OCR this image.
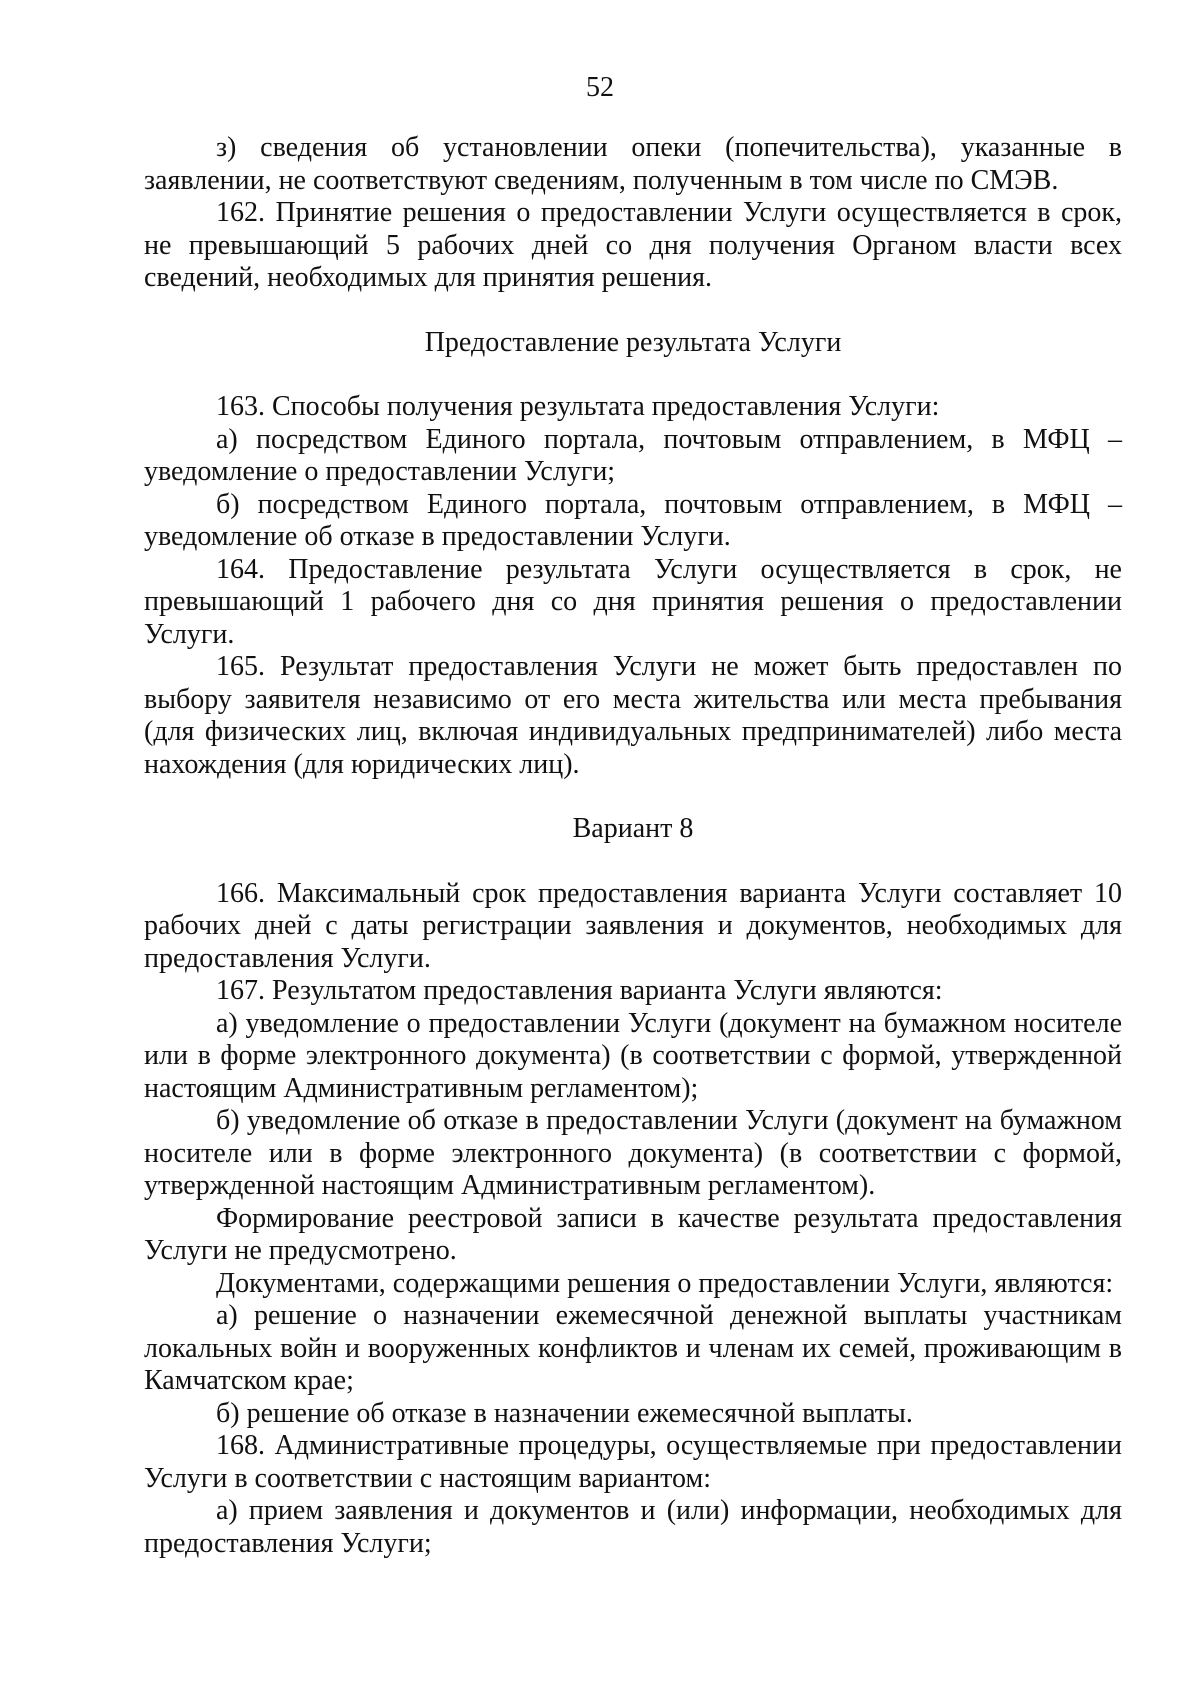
52

з) сведения об установлении опеки (попечительства), указанные в заявлении, не соответствуют сведениям, полученным в том числе по СМЭВ.

162. Принятие решения о предоставлении Услуги осуществляется в срок, не превышающий 5 рабочих дней со дня получения Органом власти всех сведений, необходимых для принятия решения.

Предоставление результата Услуги

163. Способы получения результата предоставления Услуги:

а) посредством Единого портала, почтовым отправлением, в МФЦ – уведомление о предоставлении Услуги;

б) посредством Единого портала, почтовым отправлением, в МФЦ – уведомление об отказе в предоставлении Услуги.

164. Предоставление результата Услуги осуществляется в срок, не превышающий 1 рабочего дня со дня принятия решения о предоставлении Услуги.

165. Результат предоставления Услуги не может быть предоставлен по выбору заявителя независимо от его места жительства или места пребывания (для физических лиц, включая индивидуальных предпринимателей) либо места нахождения (для юридических лиц).

Вариант 8

166. Максимальный срок предоставления варианта Услуги составляет 10 рабочих дней с даты регистрации заявления и документов, необходимых для предоставления Услуги.

167. Результатом предоставления варианта Услуги являются:

а) уведомление о предоставлении Услуги (документ на бумажном носителе или в форме электронного документа) (в соответствии с формой, утвержденной настоящим Административным регламентом);

б) уведомление об отказе в предоставлении Услуги (документ на бумажном носителе или в форме электронного документа) (в соответствии с формой, утвержденной настоящим Административным регламентом).

Формирование реестровой записи в качестве результата предоставления Услуги не предусмотрено.

Документами, содержащими решения о предоставлении Услуги, являются:

а) решение о назначении ежемесячной денежной выплаты участникам локальных войн и вооруженных конфликтов и членам их семей, проживающим в Камчатском крае;

б) решение об отказе в назначении ежемесячной выплаты.

168. Административные процедуры, осуществляемые при предоставлении Услуги в соответствии с настоящим вариантом:

а) прием заявления и документов и (или) информации, необходимых для предоставления Услуги;
